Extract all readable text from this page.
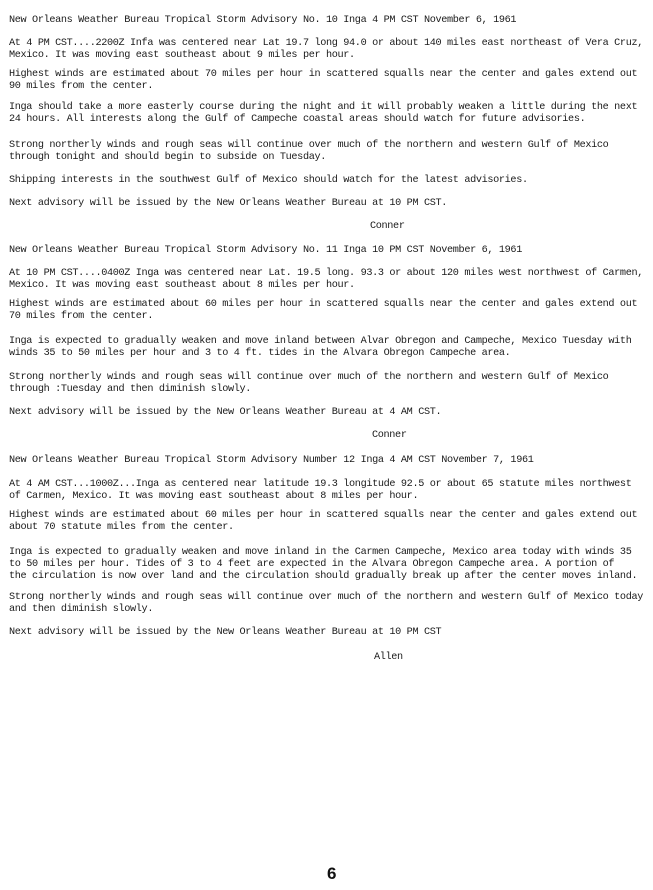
New Orleans Weather Bureau Tropical Storm Advisory No. 10 Inga 4 PM CST November 6, 1961
At 4 PM CST....2200Z Infa was centered near Lat 19.7 long 94.0 or about 140 miles east northeast of Vera Cruz,
Mexico. It was moving east southeast about 9 miles per hour.
Highest winds are estimated about 70 miles per hour in scattered squalls near the center and gales extend out
90 miles from the center.
Inga should take a more easterly course during the night and it will probably weaken a little during the next
24 hours. All interests along the Gulf of Campeche coastal areas should watch for future advisories.
Strong northerly winds and rough seas will continue over much of the northern and western Gulf of Mexico
through tonight and should begin to subside on Tuesday.
Shipping interests in the southwest Gulf of Mexico should watch for the latest advisories.
Next advisory will be issued by the New Orleans Weather Bureau at 10 PM CST.
Conner
New Orleans Weather Bureau Tropical Storm Advisory No. 11 Inga 10 PM CST November 6, 1961
At 10 PM CST....0400Z Inga was centered near Lat. 19.5 long. 93.3 or about 120 miles west northwest of Carmen,
Mexico. It was moving east southeast about 8 miles per hour.
Highest winds are estimated about 60 miles per hour in scattered squalls near the center and gales extend out
70 miles from the center.
Inga is expected to gradually weaken and move inland between Alvar Obregon and Campeche, Mexico Tuesday with
winds 35 to 50 miles per hour and 3 to 4 ft. tides in the Alvara Obregon Campeche area.
Strong northerly winds and rough seas will continue over much of the northern and western Gulf of Mexico
through :Tuesday and then diminish slowly.
Next advisory will be issued by the New Orleans Weather Bureau at 4 AM CST.
Conner
New Orleans Weather Bureau Tropical Storm Advisory Number 12 Inga 4 AM CST November 7, 1961
At 4 AM CST...1000Z...Inga as centered near latitude 19.3 longitude 92.5 or about 65 statute miles northwest
of Carmen, Mexico. It was moving east southeast about 8 miles per hour.
Highest winds are estimated about 60 miles per hour in scattered squalls near the center and gales extend out
about 70 statute miles from the center.
Inga is expected to gradually weaken and move inland in the Carmen Campeche, Mexico area today with winds 35
to 50 miles per hour. Tides of 3 to 4 feet are expected in the Alvara Obregon Campeche area. A portion of
the circulation is now over land and the circulation should gradually break up after the center moves inland.
Strong northerly winds and rough seas will continue over much of the northern and western Gulf of Mexico today
and then diminish slowly.
Next advisory will be issued by the New Orleans Weather Bureau at 10 PM CST
Allen
6
